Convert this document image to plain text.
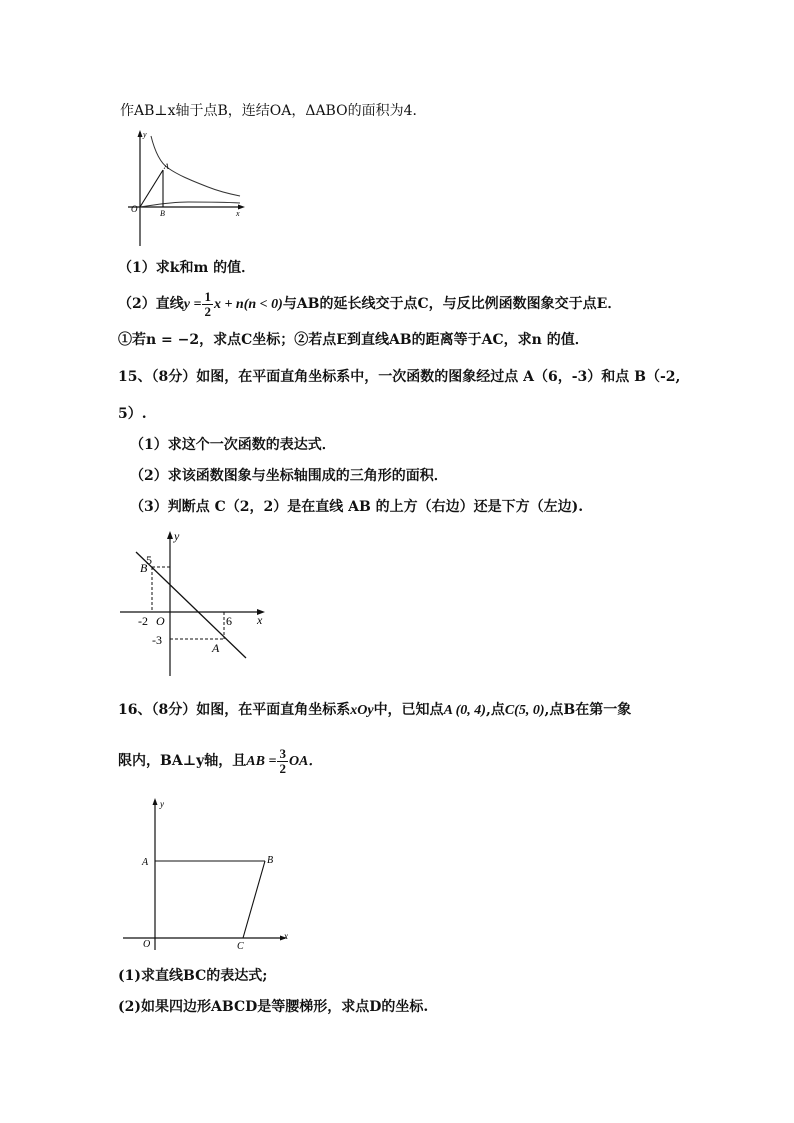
作AB⊥x轴于点B，连结OA，ΔABO的面积为4．
y
x
O
A
B
（1）求k和m 的值．
（2）直线$y = \frac{1}{2}$ x + n(n < 0)与AB的延长线交于点C，与反比例函数图象交于点E．
①若n = −2，求点C坐标；②若点E到直线AB的距离等于AC，求n 的值．
15、（8分）如图，在平面直角坐标系中，一次函数的图象经过点 A（6，-3）和点 B（-2,
5）.
（1）求这个一次函数的表达式．
（2）求该函数图象与坐标轴围成的三角形的面积．
（3）判断点 C（2，2）是在直线 AB 的上方（右边）还是下方（左边).
y
x
O
B
A
5
-2	6
-3
16、（8分）如图，在平面直角坐标系xOy中，已知点A (0, 4),点C(5, 0),点B在第一象
限内，BA⊥y轴，且AB = $\frac{3}{2}$ OA．
y
x
O
A	B
C
(1)求直线BC的表达式;
(2)如果四边形ABCD是等腰梯形，求点D的坐标.
